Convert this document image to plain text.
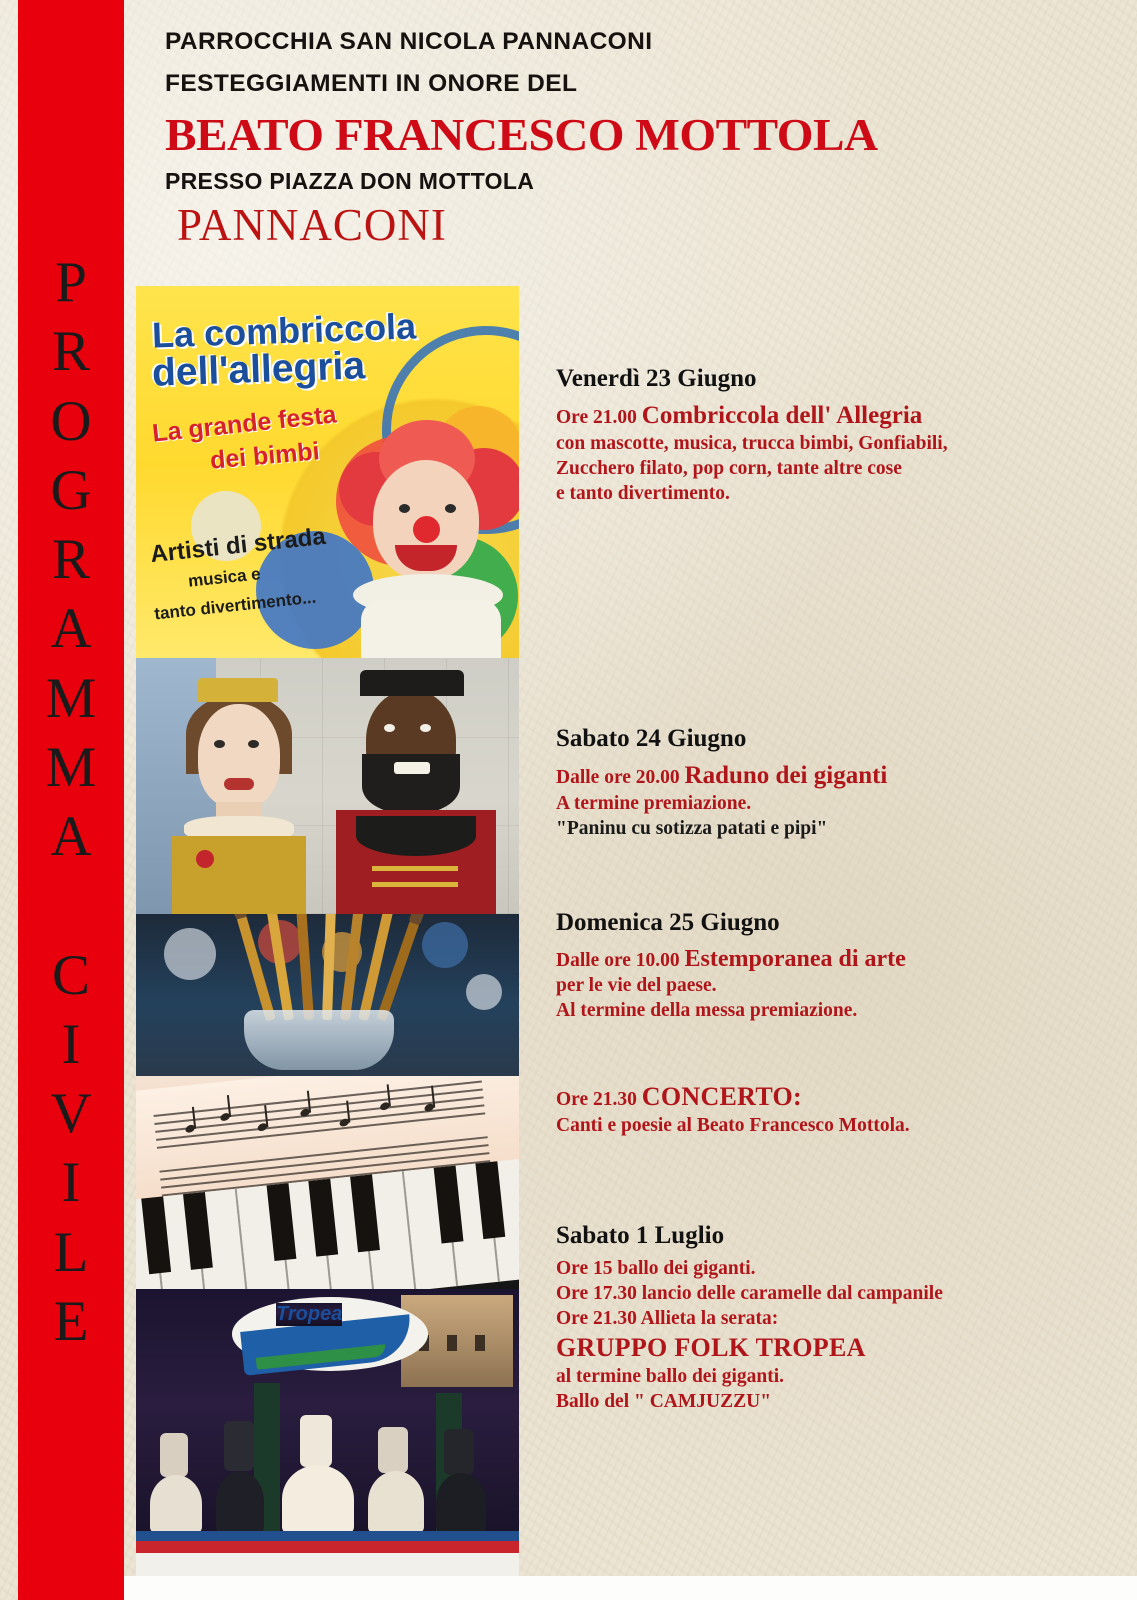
P
R
O
G
R
A
M
M
A

C
I
V
I
L
E
PARROCCHIA SAN NICOLA PANNACONI
FESTEGGIAMENTI IN ONORE DEL
BEATO FRANCESCO MOTTOLA
PRESSO PIAZZA DON MOTTOLA
PANNACONI
La combriccola
dell'allegria
La grande festa
dei bimbi
Artisti di strada
musica e
tanto divertimento...
Tropea
Venerdì 23 Giugno
Ore 21.00 Combriccola dell' Allegria
con mascotte, musica, trucca bimbi, Gonfiabili,
Zucchero filato, pop corn, tante altre cose
e tanto divertimento.
Sabato 24 Giugno
Dalle ore 20.00 Raduno dei giganti
A termine premiazione.
"Paninu cu sotizza patati e pipi"
Domenica 25 Giugno
Dalle ore 10.00 Estemporanea di arte
per le vie del paese.
Al termine della messa premiazione.
Ore 21.30 CONCERTO:
Canti e poesie al Beato Francesco Mottola.
Sabato 1 Luglio
Ore 15 ballo dei giganti.
Ore 17.30 lancio delle caramelle dal campanile
Ore 21.30 Allieta la serata:
GRUPPO FOLK TROPEA
al termine ballo dei giganti.
Ballo del " CAMJUZZU"
